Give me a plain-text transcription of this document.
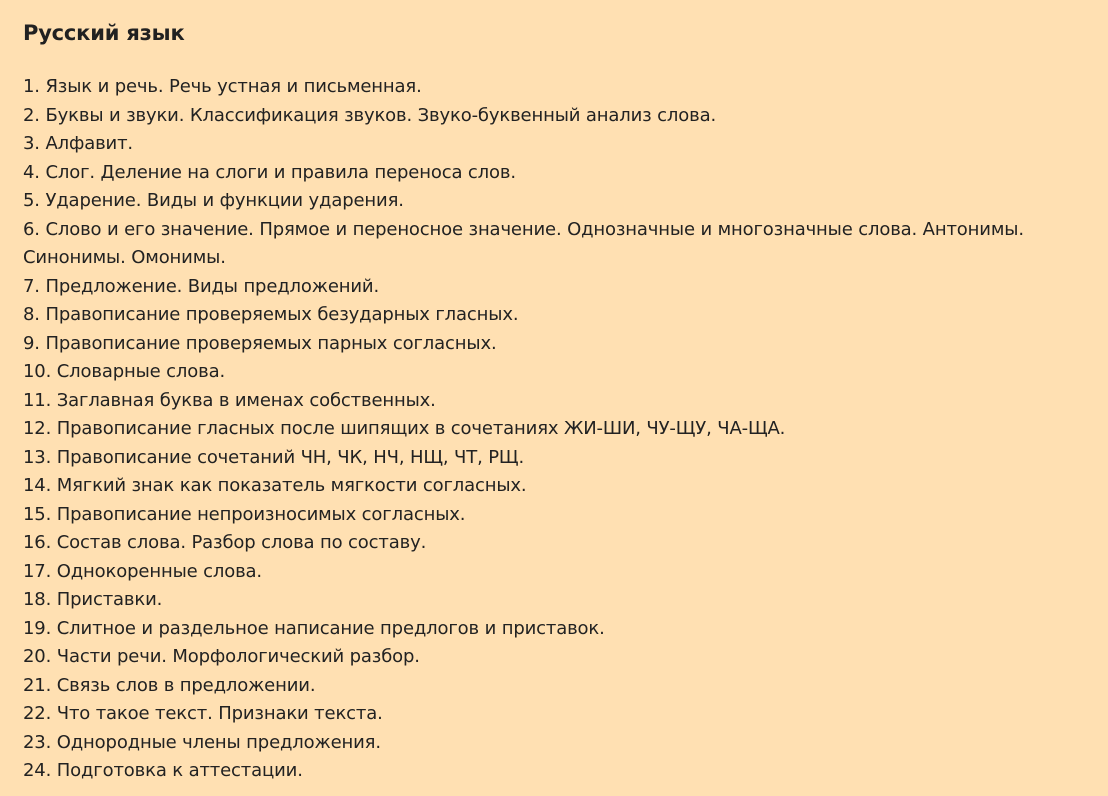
Русский язык
1. Язык и речь. Речь устная и письменная.
2. Буквы и звуки. Классификация звуков. Звуко-буквенный анализ слова.
3. Алфавит.
4. Слог. Деление на слоги и правила переноса слов.
5. Ударение. Виды и функции ударения.
6. Слово и его значение. Прямое и переносное значение. Однозначные и многозначные слова. Антонимы. Синонимы. Омонимы.
7. Предложение. Виды предложений.
8. Правописание проверяемых безударных гласных.
9. Правописание проверяемых парных согласных.
10. Словарные слова.
11. Заглавная буква в именах собственных.
12. Правописание гласных после шипящих в сочетаниях ЖИ-ШИ, ЧУ-ЩУ, ЧА-ЩА.
13. Правописание сочетаний ЧН, ЧК, НЧ, НЩ, ЧТ, РЩ.
14. Мягкий знак как показатель мягкости согласных.
15. Правописание непроизносимых согласных.
16. Состав слова. Разбор слова по составу.
17. Однокоренные слова.
18. Приставки.
19. Слитное и раздельное написание предлогов и приставок.
20. Части речи. Морфологический разбор.
21. Связь слов в предложении.
22. Что такое текст. Признаки текста.
23. Однородные члены предложения.
24. Подготовка к аттестации.
